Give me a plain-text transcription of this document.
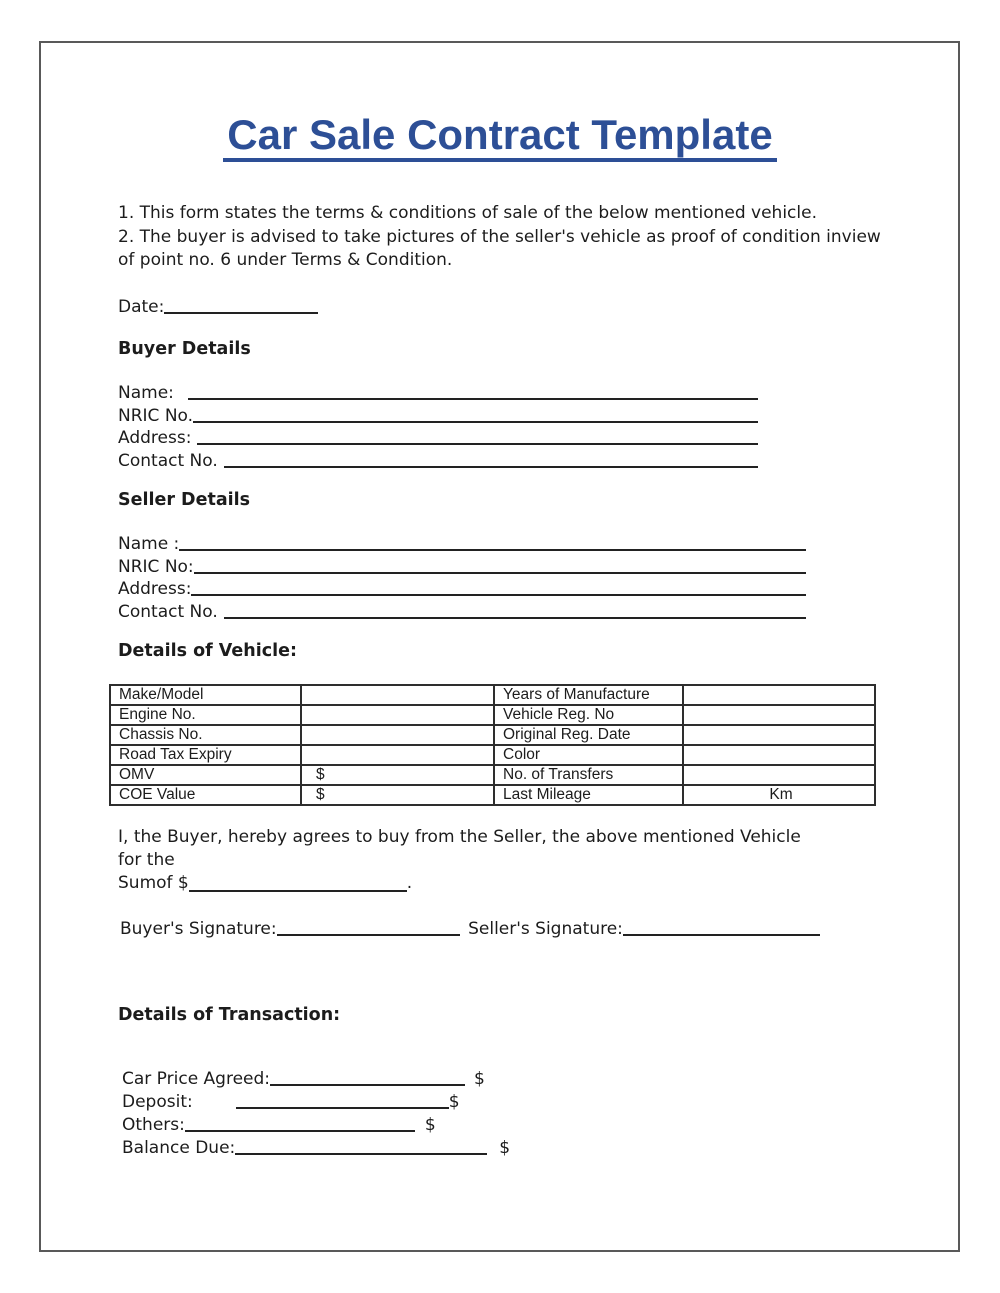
Car Sale Contract Template

1. This form states the terms & conditions of sale of the below mentioned vehicle.

2. The buyer is advised to take pictures of the seller's vehicle as proof of condition inview of point no. 6 under Terms & Condition.

Date:
Buyer Details
Name:
NRIC No.
Address:
Contact No.
Seller Details
Name :
NRIC No:
Address:
Contact No.
Details of Vehicle:
Make/Model		Years of Manufacture	
Engine No.		Vehicle Reg. No	
Chassis No.		Original Reg. Date	
Road Tax Expiry		Color	
OMV	$	No. of Transfers	
COE Value	$	Last Mileage	Km
I, the Buyer, hereby agrees to buy from the Seller, the above mentioned Vehicle for the
Sumof $	.
Buyer's Signature:	Seller's Signature:
Details of Transaction:
Car Price Agreed:	$
Deposit:	$
Others:	$
Balance Due:	$
